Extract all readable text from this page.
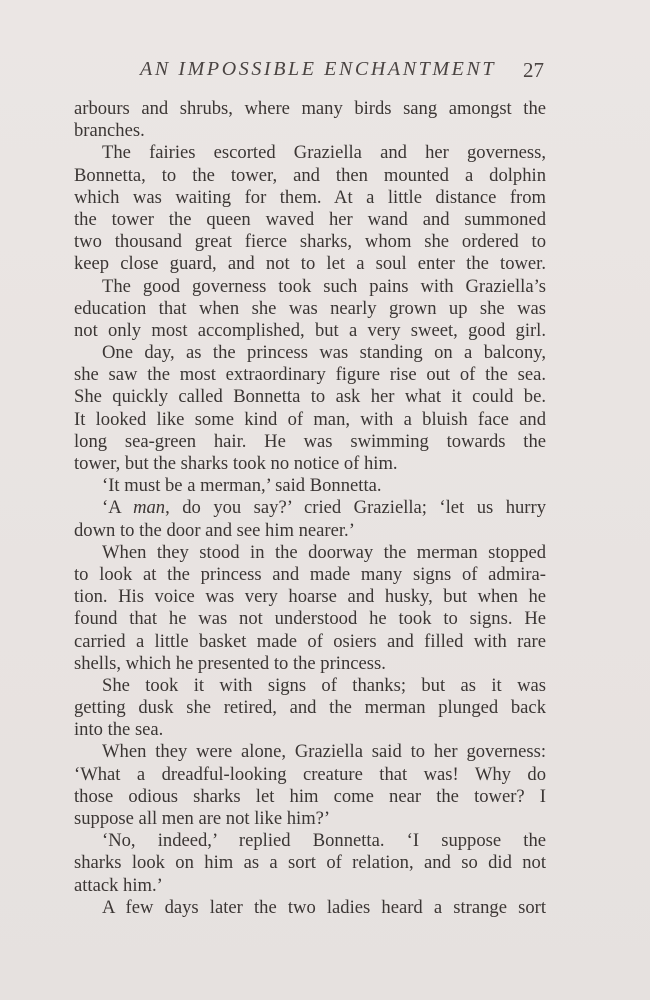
AN IMPOSSIBLE ENCHANTMENT 27
arbours and shrubs, where many birds sang amongst the
branches.
The fairies escorted Graziella and her governess,
Bonnetta, to the tower, and then mounted a dolphin
which was waiting for them. At a little distance from
the tower the queen waved her wand and summoned
two thousand great fierce sharks, whom she ordered to
keep close guard, and not to let a soul enter the tower.
The good governess took such pains with Graziella’s
education that when she was nearly grown up she was
not only most accomplished, but a very sweet, good girl.
One day, as the princess was standing on a balcony,
she saw the most extraordinary figure rise out of the sea.
She quickly called Bonnetta to ask her what it could be.
It looked like some kind of man, with a bluish face and
long sea-green hair. He was swimming towards the
tower, but the sharks took no notice of him.
‘It must be a merman,’ said Bonnetta.
‘A man, do you say?’ cried Graziella; ‘let us hurry
down to the door and see him nearer.’
When they stood in the doorway the merman stopped
to look at the princess and made many signs of admira-
tion. His voice was very hoarse and husky, but when he
found that he was not understood he took to signs. He
carried a little basket made of osiers and filled with rare
shells, which he presented to the princess.
She took it with signs of thanks; but as it was
getting dusk she retired, and the merman plunged back
into the sea.
When they were alone, Graziella said to her governess:
‘What a dreadful-looking creature that was! Why do
those odious sharks let him come near the tower? I
suppose all men are not like him?’
‘No, indeed,’ replied Bonnetta. ‘I suppose the
sharks look on him as a sort of relation, and so did not
attack him.’
A few days later the two ladies heard a strange sort
